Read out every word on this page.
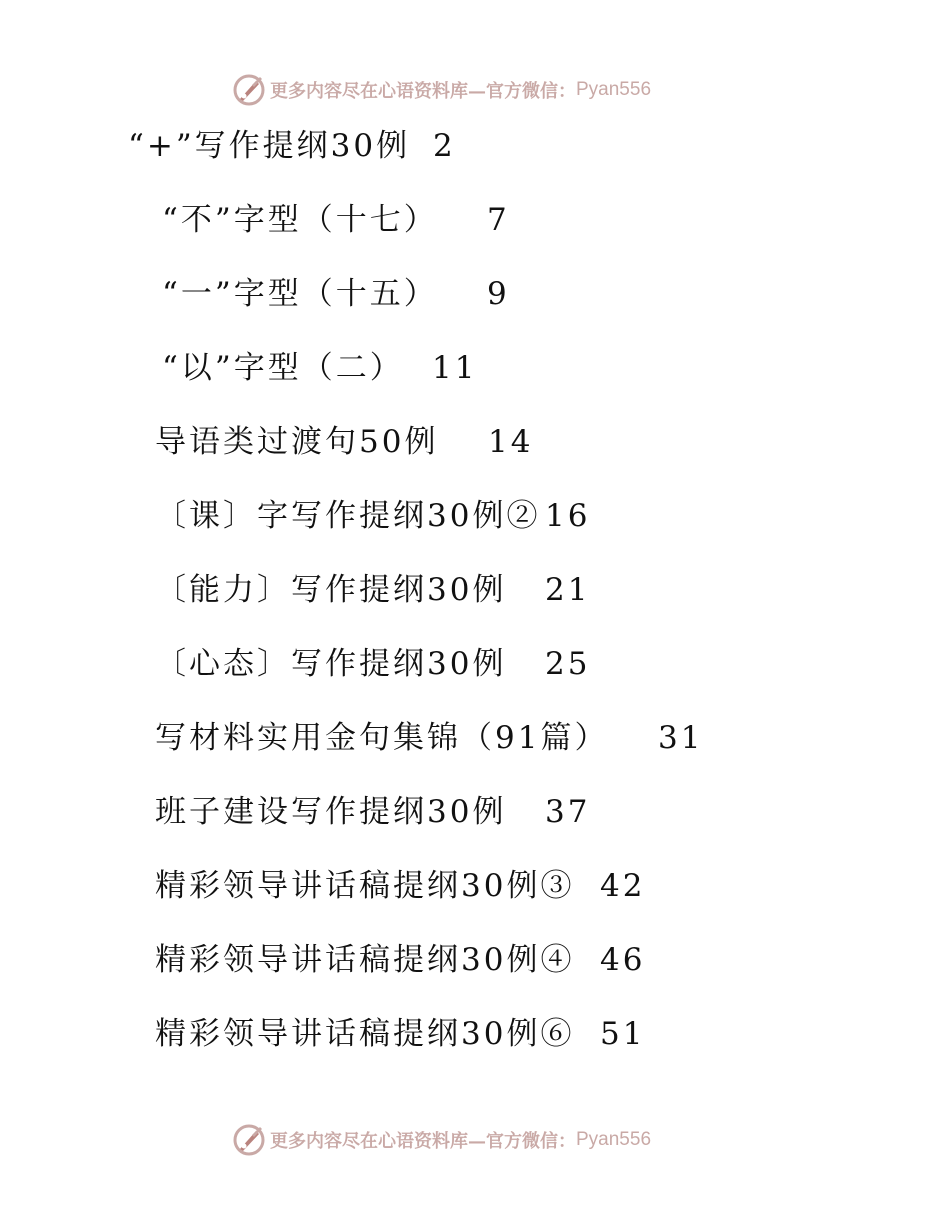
更多内容尽在心语资料库—官方微信： Pyan556
“+”写作提纲30例 2
“不”字型（十七） 7
“一”字型（十五） 9
“以”字型（二） 11
导语类过渡句50例 14
〔课〕字写作提纲30例② 16
〔能力〕写作提纲30例 21
〔心态〕写作提纲30例 25
写材料实用金句集锦（91篇） 31
班子建设写作提纲30例 37
精彩领导讲话稿提纲30例③ 42
精彩领导讲话稿提纲30例④ 46
精彩领导讲话稿提纲30例⑥ 51
更多内容尽在心语资料库—官方微信： Pyan556
